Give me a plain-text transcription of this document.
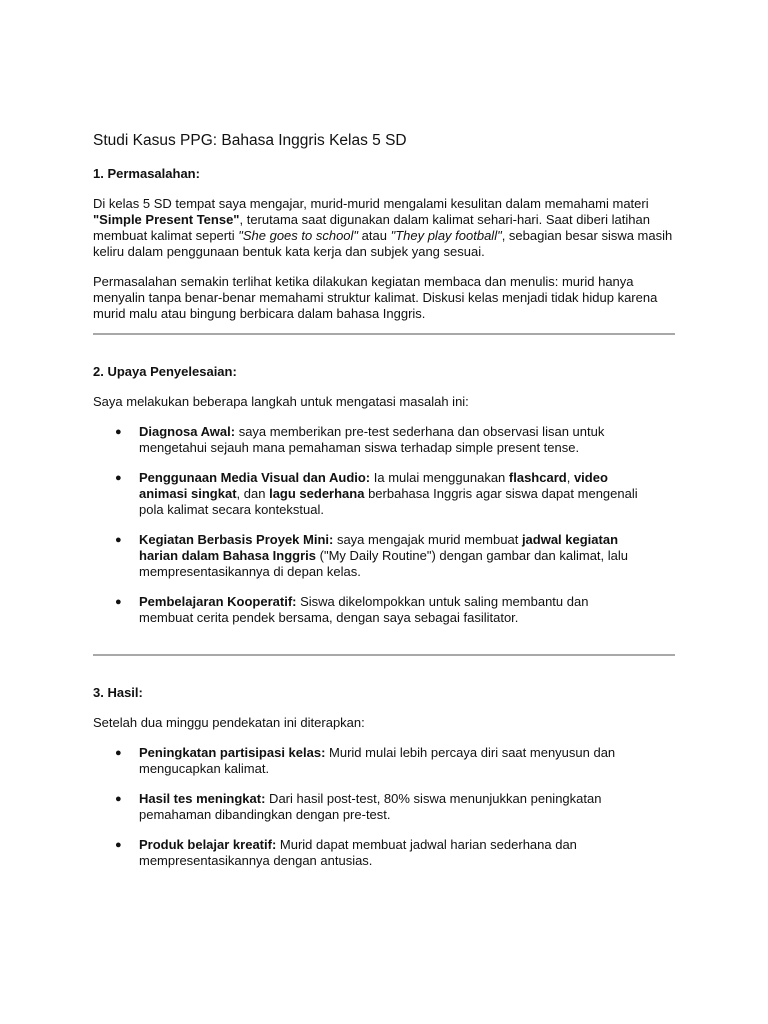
Studi Kasus PPG: Bahasa Inggris Kelas 5 SD
1. Permasalahan:

Di kelas 5 SD tempat saya mengajar, murid-murid mengalami kesulitan dalam memahami materi "Simple Present Tense", terutama saat digunakan dalam kalimat sehari-hari. Saat diberi latihan membuat kalimat seperti "She goes to school" atau "They play football", sebagian besar siswa masih keliru dalam penggunaan bentuk kata kerja dan subjek yang sesuai.

Permasalahan semakin terlihat ketika dilakukan kegiatan membaca dan menulis: murid hanya menyalin tanpa benar-benar memahami struktur kalimat. Diskusi kelas menjadi tidak hidup karena murid malu atau bingung berbicara dalam bahasa Inggris.

2. Upaya Penyelesaian:

Saya melakukan beberapa langkah untuk mengatasi masalah ini:

● Diagnosa Awal: saya memberikan pre-test sederhana dan observasi lisan untuk mengetahui sejauh mana pemahaman siswa terhadap simple present tense.
● Penggunaan Media Visual dan Audio: Ia mulai menggunakan flashcard, video animasi singkat, dan lagu sederhana berbahasa Inggris agar siswa dapat mengenali pola kalimat secara kontekstual.
● Kegiatan Berbasis Proyek Mini: saya mengajak murid membuat jadwal kegiatan harian dalam Bahasa Inggris ("My Daily Routine") dengan gambar dan kalimat, lalu mempresentasikannya di depan kelas.
● Pembelajaran Kooperatif: Siswa dikelompokkan untuk saling membantu dan membuat cerita pendek bersama, dengan saya sebagai fasilitator.
3. Hasil:

Setelah dua minggu pendekatan ini diterapkan:

● Peningkatan partisipasi kelas: Murid mulai lebih percaya diri saat menyusun dan mengucapkan kalimat.
● Hasil tes meningkat: Dari hasil post-test, 80% siswa menunjukkan peningkatan pemahaman dibandingkan dengan pre-test.
● Produk belajar kreatif: Murid dapat membuat jadwal harian sederhana dan mempresentasikannya dengan antusias.
